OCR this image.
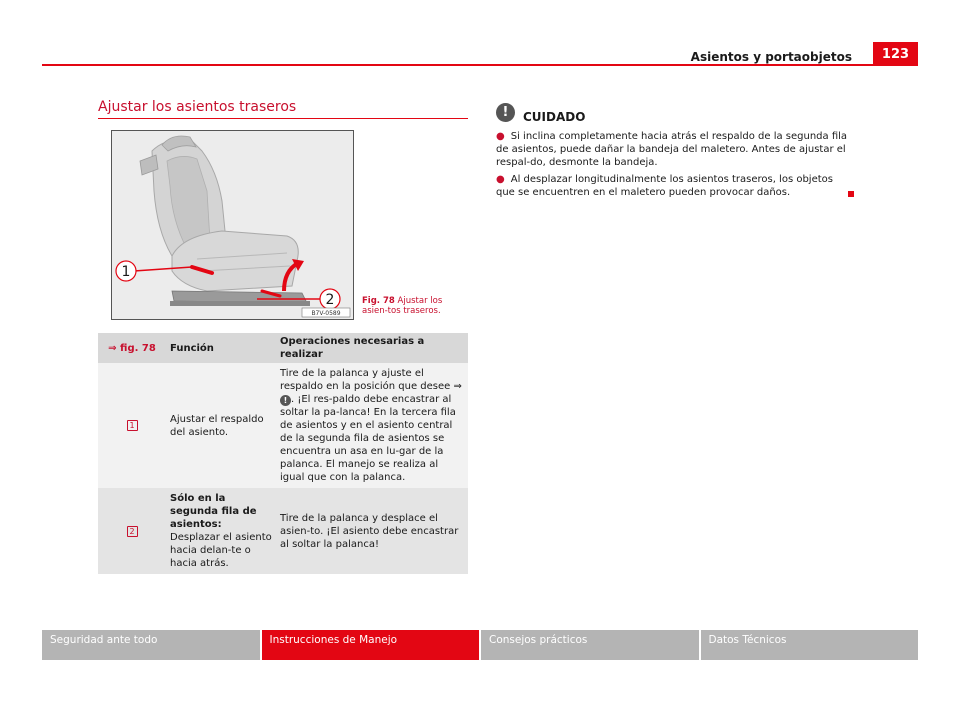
Asientos y portaobjetos	123
Ajustar los asientos traseros
1
2
B7V-0589
Fig. 78 Ajustar los asien-tos traseros.
⇒ fig. 78	Función	Operaciones necesarias a realizar
1	Ajustar el respaldo del asiento.	Tire de la palanca y ajuste el respaldo en la posición que desee ⇒ ! . ¡El res-paldo debe encastrar al soltar la pa-lanca! En la tercera fila de asientos y en el asiento central de la segunda fila de asientos se encuentra un asa en lu-gar de la palanca. El manejo se realiza al igual que con la palanca.
2	Sólo en la segunda fila de asientos: Desplazar el asiento hacia delan-te o hacia atrás.	Tire de la palanca y desplace el asien-to. ¡El asiento debe encastrar al soltar la palanca!
!	CUIDADO
● Si inclina completamente hacia atrás el respaldo de la segunda fila de asientos, puede dañar la bandeja del maletero. Antes de ajustar el respal-do, desmonte la bandeja.
● Al desplazar longitudinalmente los asientos traseros, los objetos que se encuentren en el maletero pueden provocar daños.
Seguridad ante todo	Instrucciones de Manejo	Consejos prácticos	Datos Técnicos
